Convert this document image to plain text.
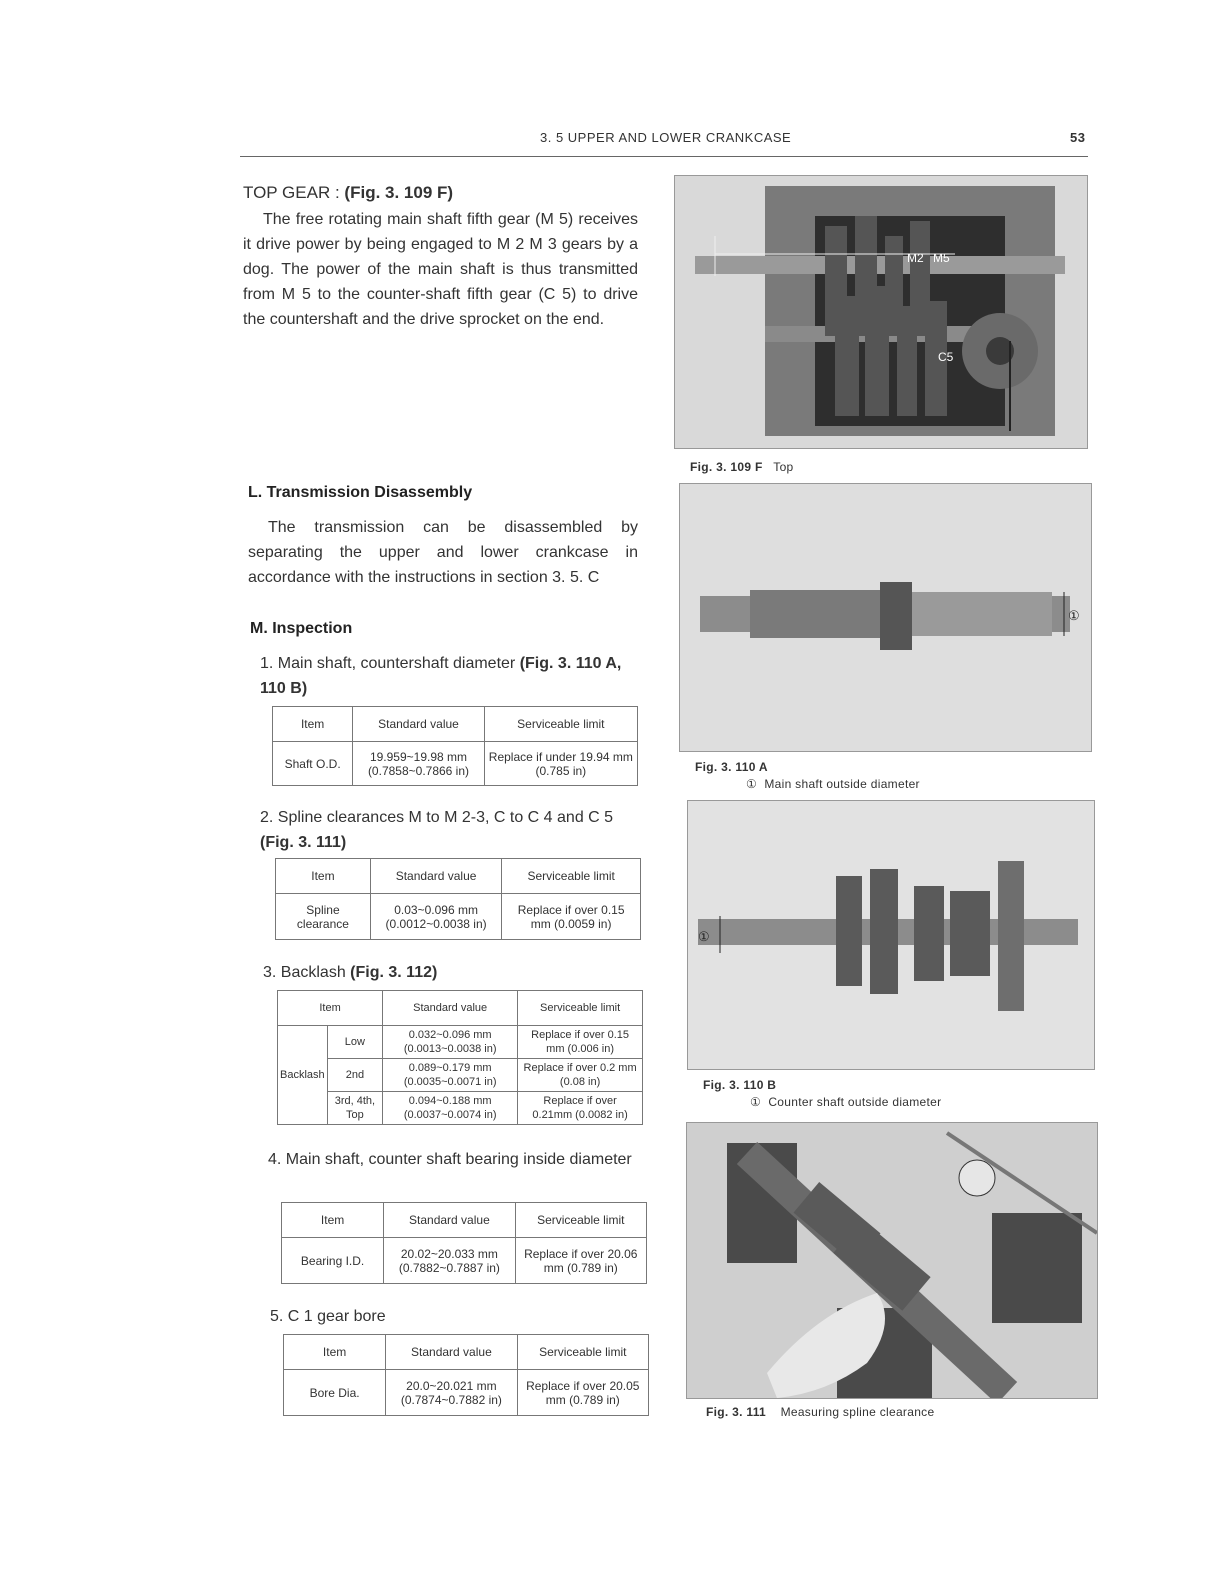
3. 5 UPPER AND LOWER CRANKCASE	53
TOP GEAR : (Fig. 3. 109 F)
The free rotating main shaft fifth gear (M 5) receives it drive power by being engaged to M 2 M 3 gears by a dog. The power of the main shaft is thus transmitted from M 5 to the counter-shaft fifth gear (C 5) to drive the countershaft and the drive sprocket on the end.
L. Transmission Disassembly
The transmission can be disassembled by separating the upper and lower crankcase in accordance with the instructions in section 3. 5. C
M. Inspection
1. Main shaft, countershaft diameter (Fig. 3. 110 A, 110 B)
Item	Standard value	Serviceable limit
Shaft O.D.	19.959~19.98 mm (0.7858~0.7866 in)	Replace if under 19.94 mm (0.785 in)
2. Spline clearances M to M 2-3, C to C 4 and C 5 (Fig. 3. 111)
Item	Standard value	Serviceable limit
Spline clearance	0.03~0.096 mm (0.0012~0.0038 in)	Replace if over 0.15 mm (0.0059 in)
3. Backlash (Fig. 3. 112)
Item		Standard value	Serviceable limit
Backlash	Low	0.032~0.096 mm (0.0013~0.0038 in)	Replace if over 0.15 mm (0.006 in)
	2nd	0.089~0.179 mm (0.0035~0.0071 in)	Replace if over 0.2 mm (0.08 in)
	3rd, 4th, Top	0.094~0.188 mm (0.0037~0.0074 in)	Replace if over 0.21mm (0.0082 in)
4. Main shaft, counter shaft bearing inside diameter
Item	Standard value	Serviceable limit
Bearing I.D.	20.02~20.033 mm (0.7882~0.7887 in)	Replace if over 20.06 mm (0.789 in)
5. C 1 gear bore
Item	Standard value	Serviceable limit
Bore Dia.	20.0~20.021 mm (0.7874~0.7882 in)	Replace if over 20.05 mm (0.789 in)
M2 M5
C5
Fig. 3. 109 F Top
①
Fig. 3. 110 A
① Main shaft outside diameter
①
Fig. 3. 110 B
① Counter shaft outside diameter
Fig. 3. 111 Measuring spline clearance
